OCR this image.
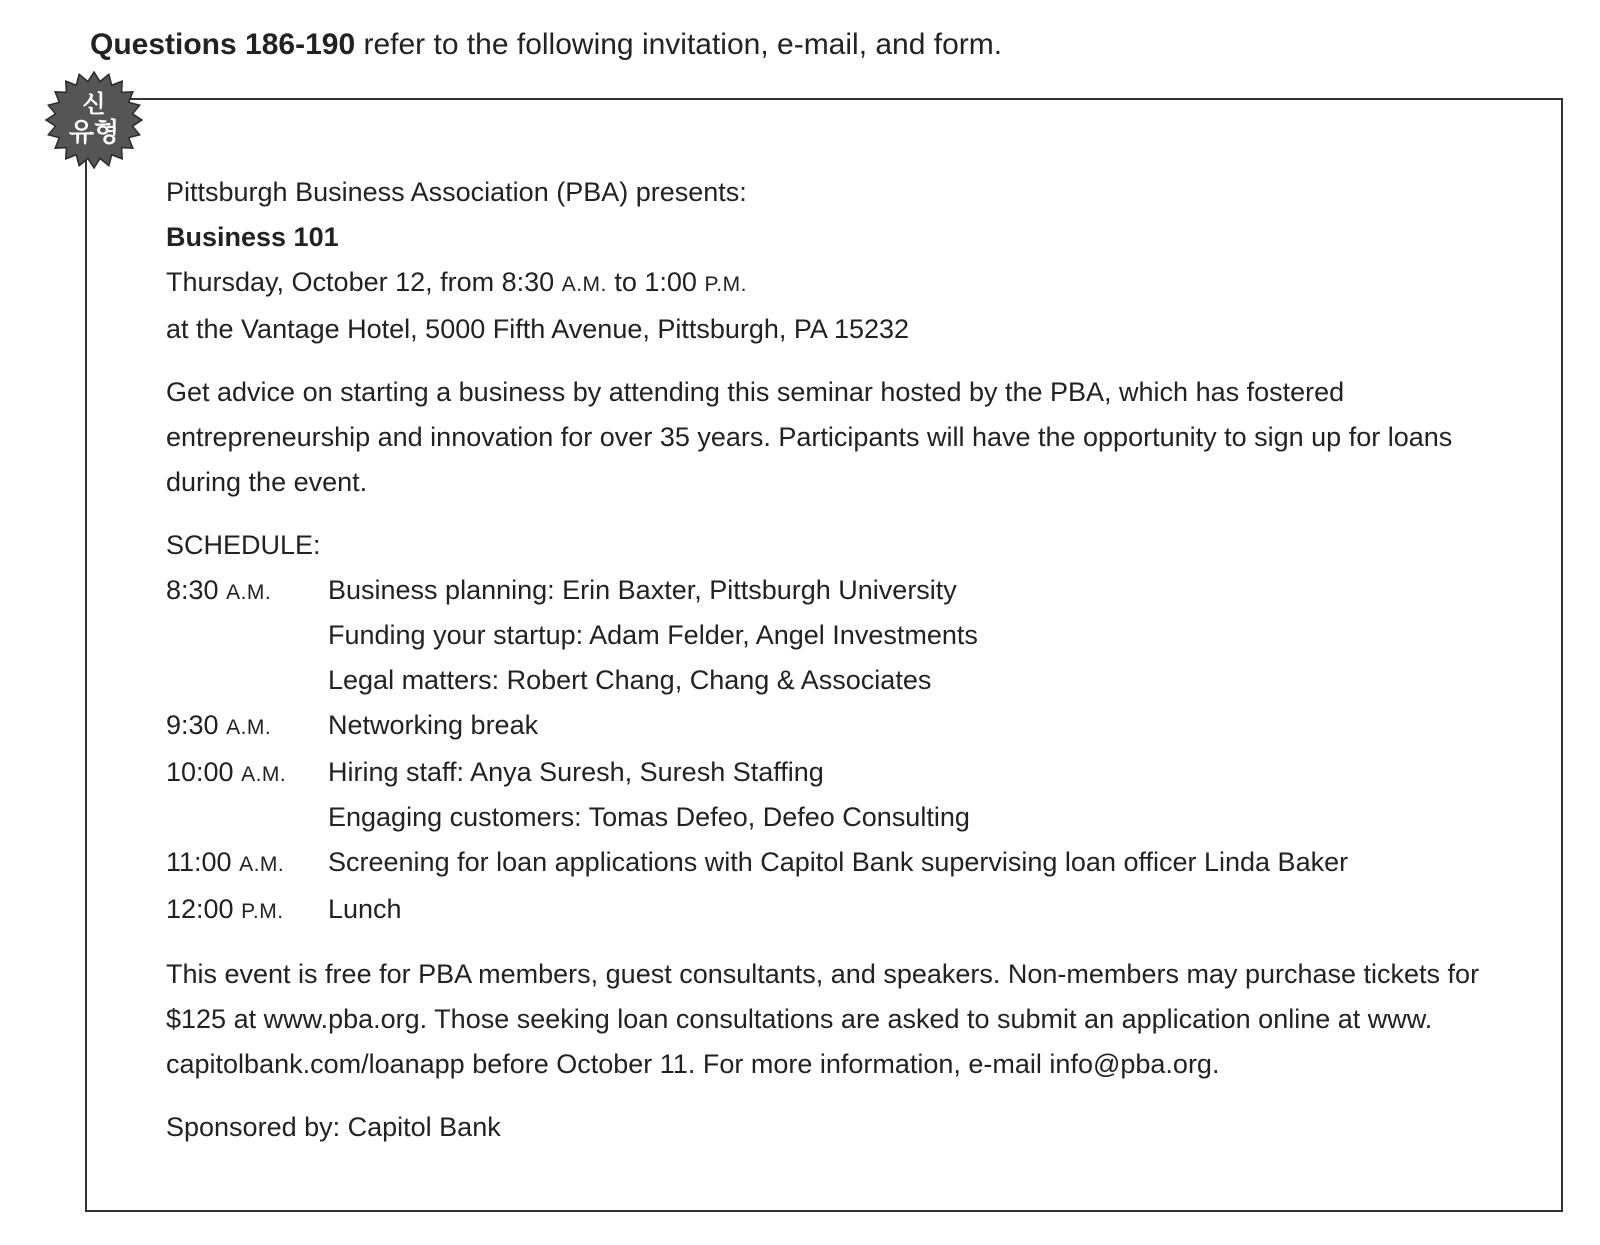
Questions 186-190 refer to the following invitation, e-mail, and form.
신
유형

Pittsburgh Business Association (PBA) presents:

Business 101

Thursday, October 12, from 8:30 A.M. to 1:00 P.M.

at the Vantage Hotel, 5000 Fifth Avenue, Pittsburgh, PA 15232

Get advice on starting a business by attending this seminar hosted by the PBA, which has fostered

entrepreneurship and innovation for over 35 years. Participants will have the opportunity to sign up for loans

during the event.

SCHEDULE:

8:30 A.M.	Business planning: Erin Baxter, Pittsburgh University
Funding your startup: Adam Felder, Angel Investments
Legal matters: Robert Chang, Chang & Associates
9:30 A.M.	Networking break
10:00 A.M.	Hiring staff: Anya Suresh, Suresh Staffing
Engaging customers: Tomas Defeo, Defeo Consulting
11:00 A.M.	Screening for loan applications with Capitol Bank supervising loan officer Linda Baker
12:00 P.M.	Lunch

This event is free for PBA members, guest consultants, and speakers. Non-members may purchase tickets for

$125 at www.pba.org. Those seeking loan consultations are asked to submit an application online at www.

capitolbank.com/loanapp before October 11. For more information, e-mail info@pba.org.

Sponsored by: Capitol Bank
